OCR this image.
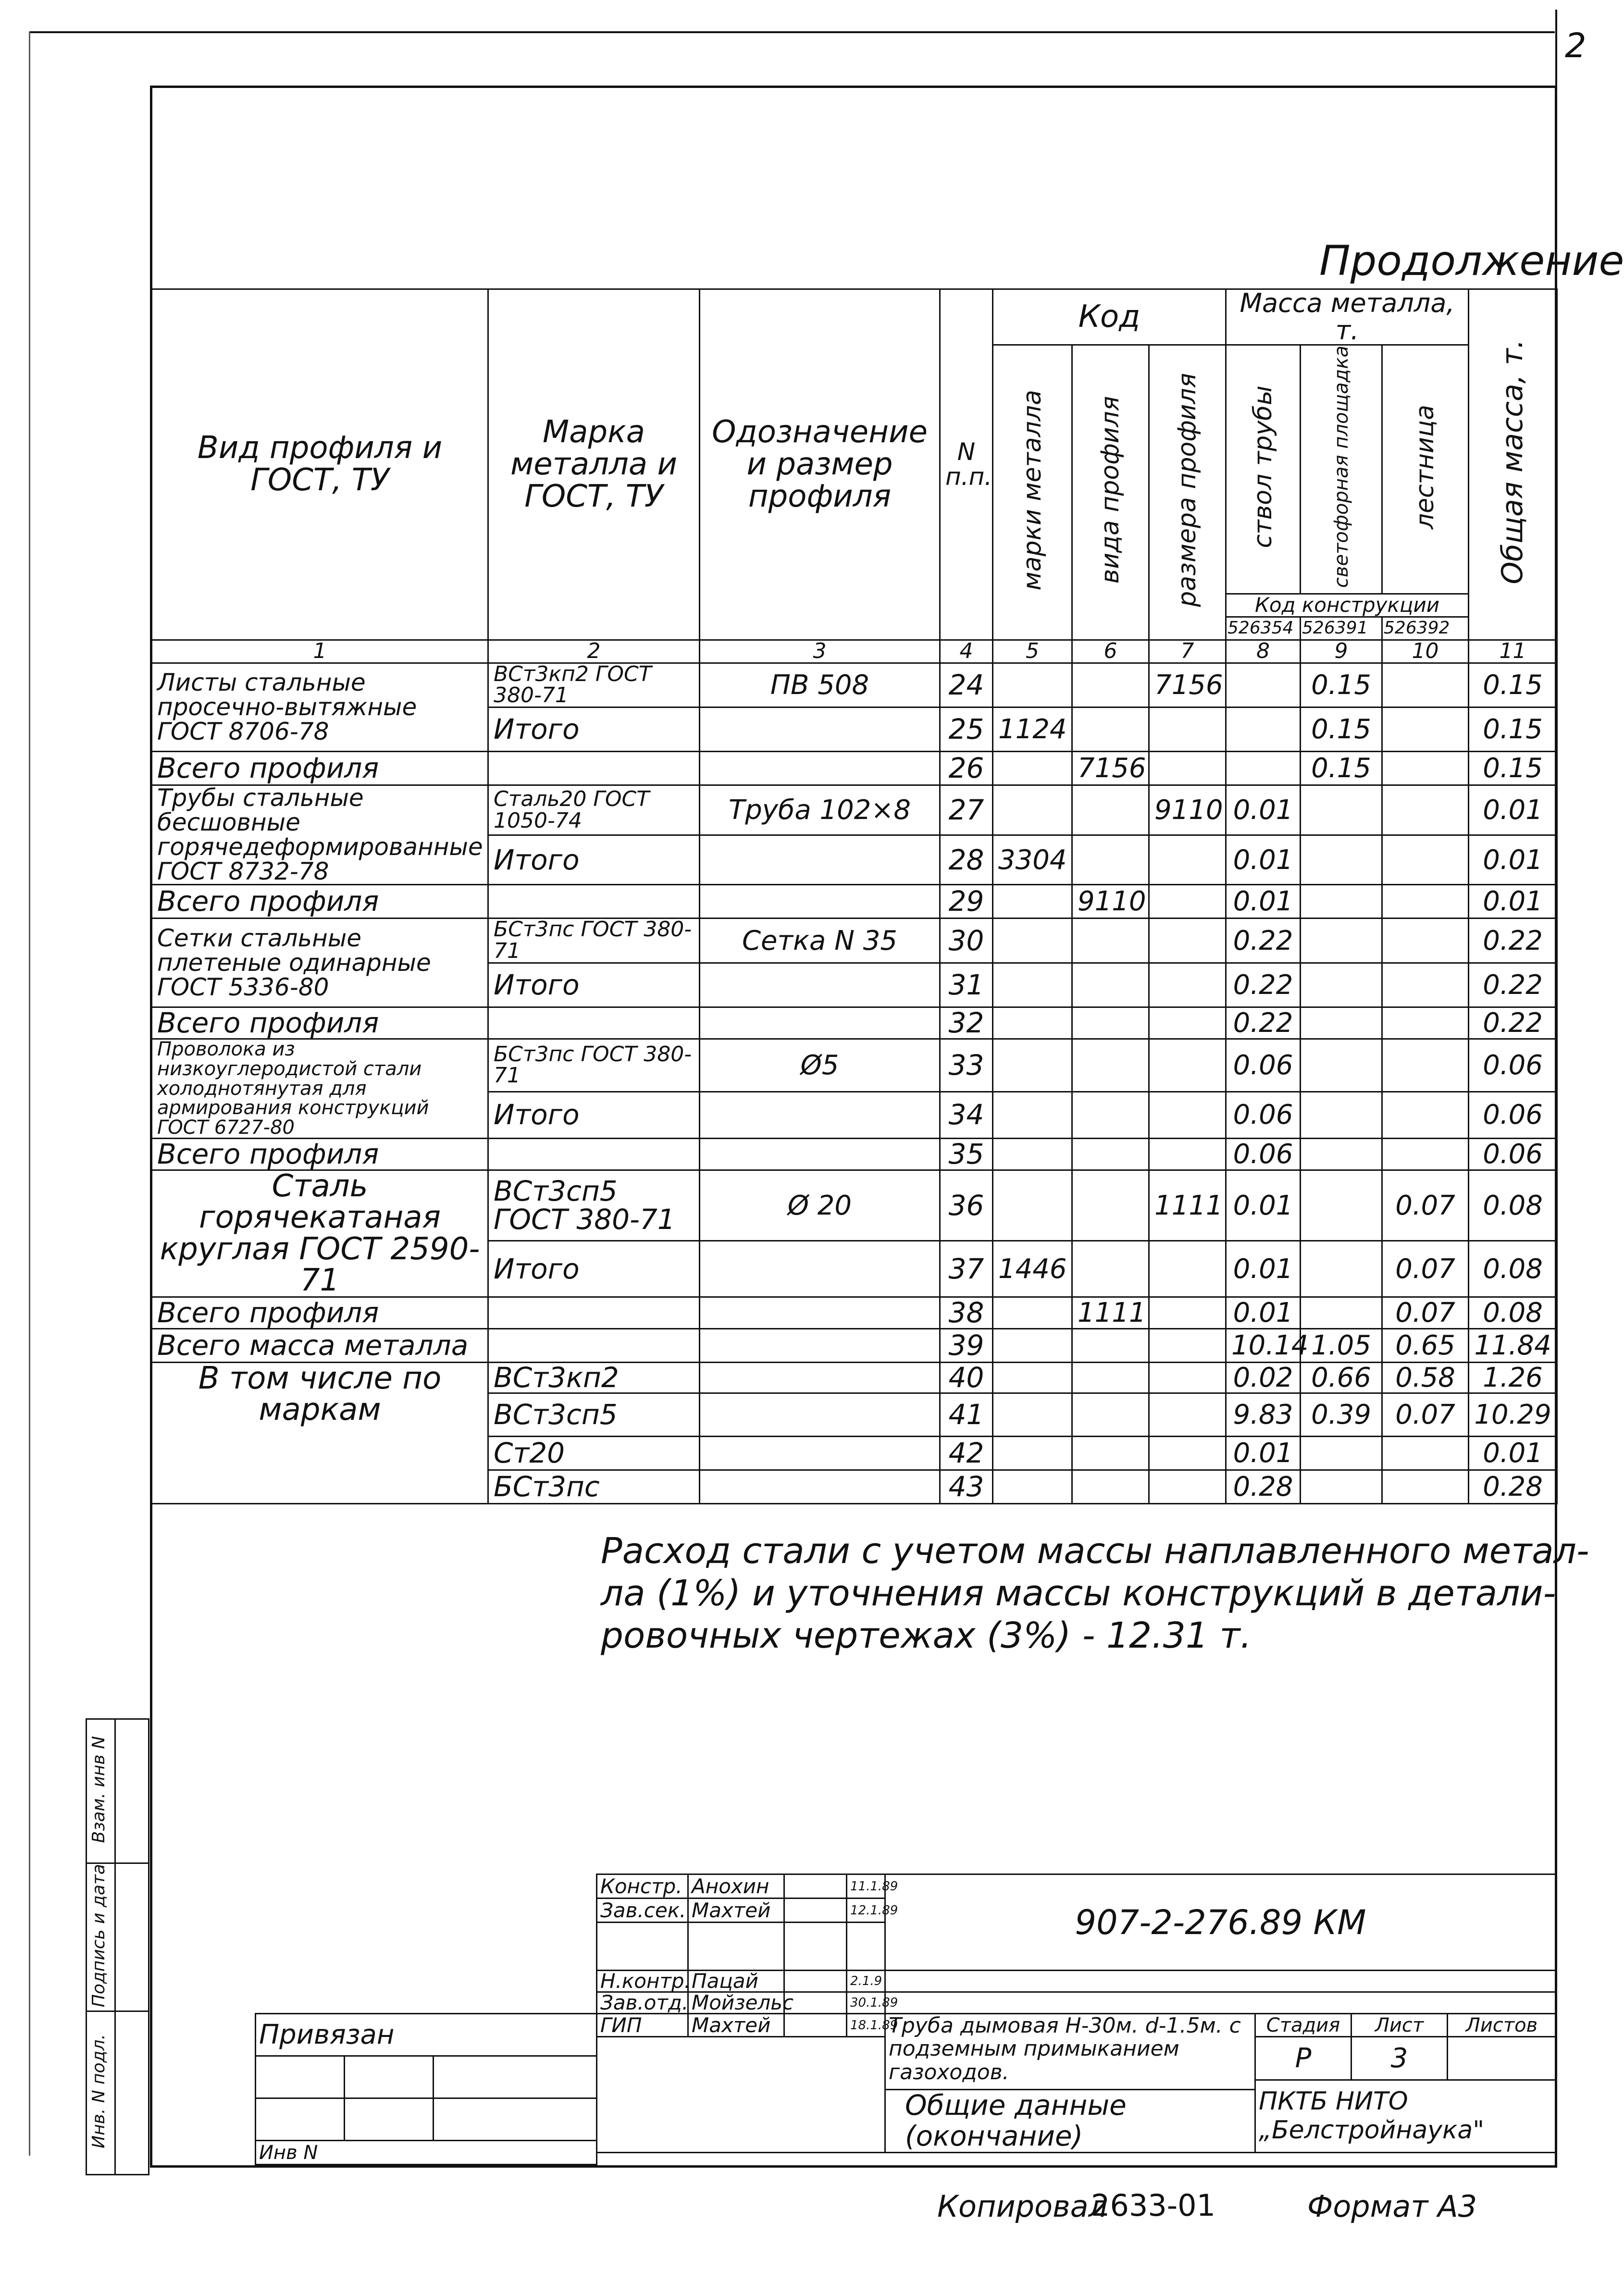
2
Продолжение
Вид профиля и ГОСТ, ТУ	Марка металла и ГОСТ, ТУ	Одозначение и размер профиля	N п.п.	Код			Масса металла, т.			Общая масса, т.
				марки металла	вида профиля	размера профиля	ствол трубы	светофорная площадка	лестница	
							Код конструкции			
							526354	526391	526392	
1	2	3	4	5	6	7	8	9	10	11
Листы стальные просечно-вытяжные ГОСТ 8706-78	ВСт3кп2 ГОСТ 380-71	ПВ 508	24			7156		0.15		0.15
	Итого		25	1124				0.15		0.15
Всего профиля			26		7156			0.15		0.15
Трубы стальные бесшовные горячедеформированные ГОСТ 8732-78	Сталь20 ГОСТ 1050-74	Труба 102×8	27			9110	0.01			0.01
	Итого		28	3304			0.01			0.01
Всего профиля			29		9110		0.01			0.01
Сетки стальные плетеные одинарные ГОСТ 5336-80	БСт3пс ГОСТ 380-71	Сетка N 35	30				0.22			0.22
	Итого		31				0.22			0.22
Всего профиля			32				0.22			0.22
Проволока из низкоуглеродистой стали холоднотянутая для армирования конструкций ГОСТ 6727-80	БСт3пс ГОСТ 380-71	Ø5	33				0.06			0.06
	Итого		34				0.06			0.06
Всего профиля			35				0.06			0.06
Сталь горячекатаная круглая ГОСТ 2590-71	ВСт3сп5 ГОСТ 380-71	Ø 20	36			1111	0.01		0.07	0.08
	Итого		37	1446			0.01		0.07	0.08
Всего профиля			38		1111		0.01		0.07	0.08
Всего масса металла			39				10.14	1.05	0.65	11.84
В том числе по маркам	ВСт3кп2		40				0.02	0.66	0.58	1.26
	ВСт3сп5		41				9.83	0.39	0.07	10.29
	Ст20		42				0.01			0.01
	БСт3пс		43				0.28			0.28
Расход стали с учетом массы наплавленного метал-
ла (1%) и уточнения массы конструкций в детали-
ровочных чертежах (3%) - 12.31 т.
Взам. инв N	
Подпись и дата	
Инв. N подл.		Привязан		

Инв N		
Констр.	Анохин		11.1.89	907-2-276.89 КМ			
Зав.сек.	Махтей		12.1.89				

Н.контр.	Пацай		2.1.9				
Зав.отд.	Мойзельс		30.1.89				
ГИП	Махтей		18.1.89	Труба дымовая Н-30м. d-1.5м. с подземным примыканием газоходов.	Стадия	Лист	Листов
					Р	3	

					ПКТБ НИТО
„Белстройнаука"		

				Общие данные
(окончание)			
Копировал
2633-01	Формат А3
